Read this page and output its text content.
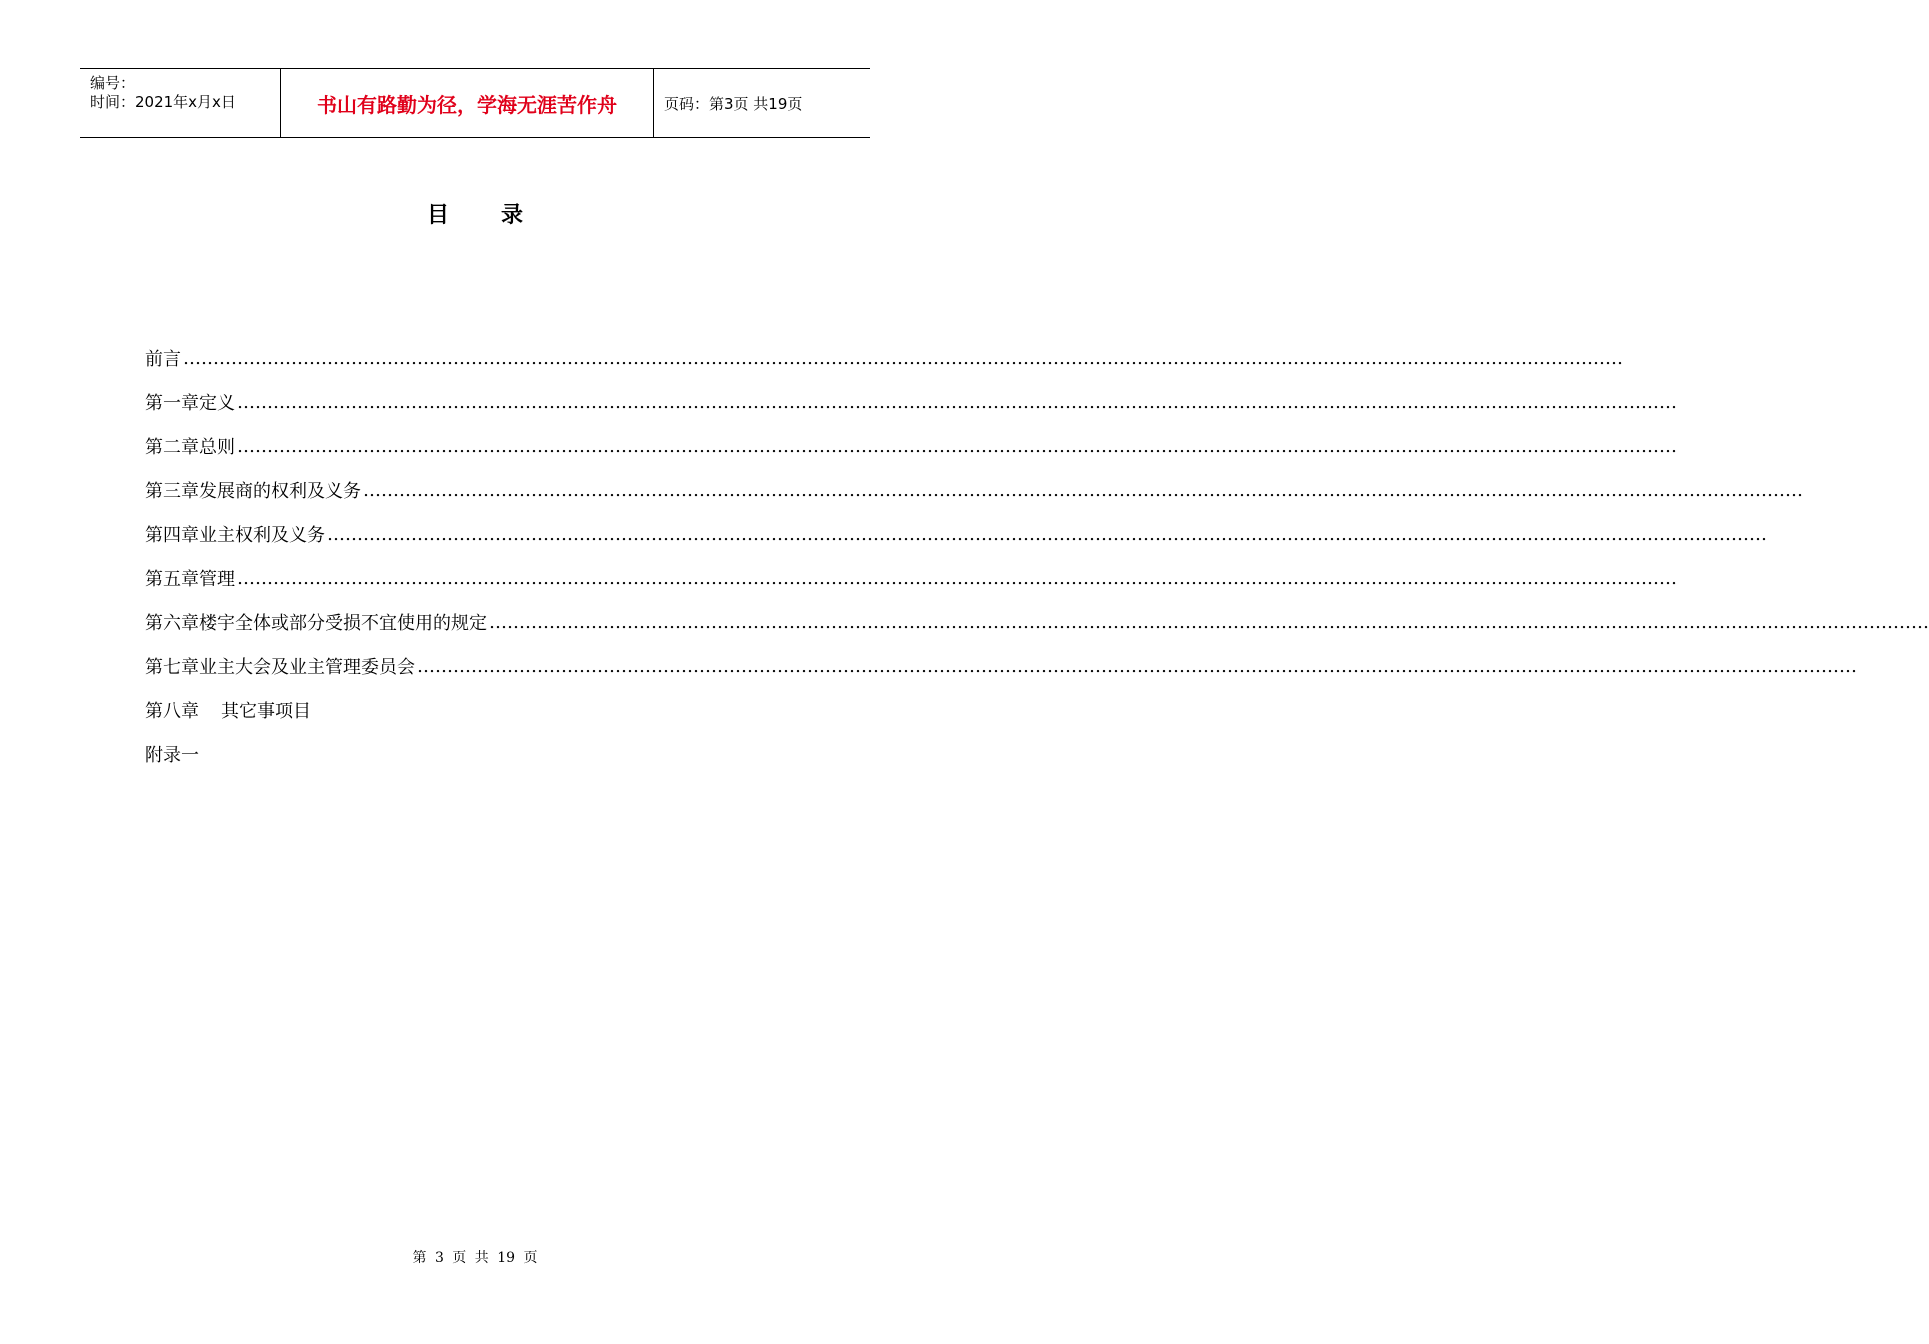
编号：
时间：2021年x月x日	书山有路勤为径，学海无涯苦作舟	页码：第3页 共19页
目录
前言 ……………………………………………………………………………………………………………………………………………………………………………………………………………………
第一章 定义 ……………………………………………………………………………………………………………………………………………………………………………………………………………………
第二章 总则 ……………………………………………………………………………………………………………………………………………………………………………………………………………………
第三章 发展商的权利及义务 ……………………………………………………………………………………………………………………………………………………………………………………………………………………
第四章 业主权利及义务 ……………………………………………………………………………………………………………………………………………………………………………………………………………………
第五章 管理 ……………………………………………………………………………………………………………………………………………………………………………………………………………………
第六章 楼宇全体或部分受损不宜使用的规定 ……………………………………………………………………………………………………………………………………………………………………………………………………………………
第七章 业主大会及业主管理委员会 ……………………………………………………………………………………………………………………………………………………………………………………………………………………
第八章 其它事项目
附录一
第 3 页 共 19 页
